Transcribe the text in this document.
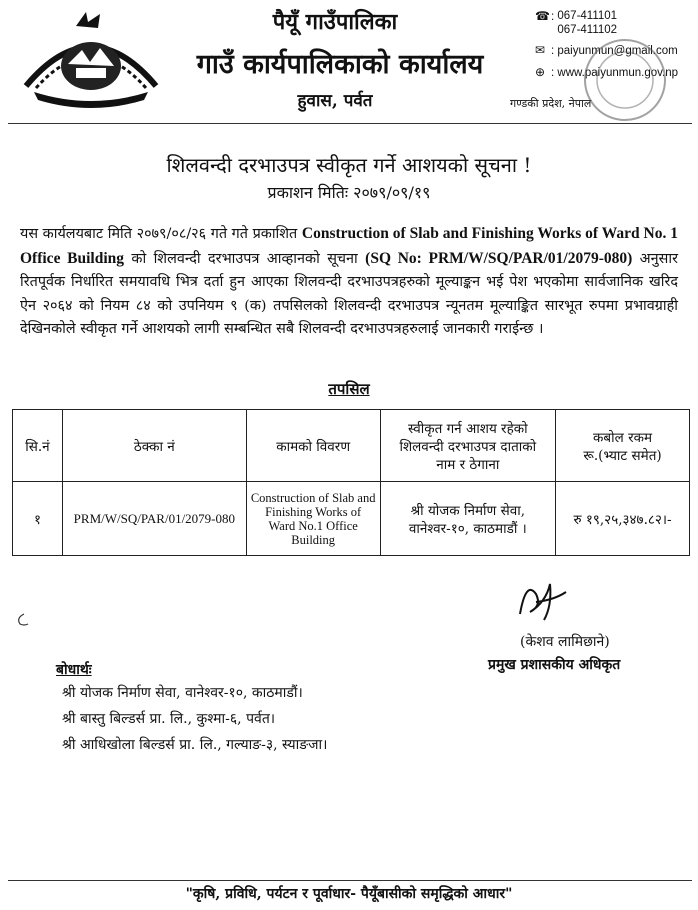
पैयूँ गाउँपालिका
गाउँ कार्यपालिकाको कार्यालय
हुवास, पर्वत
☎: 067-411101
067-411102
✉ : paiyunmun@gmail.com
⊕ : www.paiyunmun.gov.np
गण्डकी प्रदेश, नेपाल
शिलवन्दी दरभाउपत्र स्वीकृत गर्ने आशयको सूचना !
प्रकाशन मितिः २०७९/०९/१९
यस कार्यलयबाट मिति २०७९/०८/२६ गते गते प्रकाशित Construction of Slab and Finishing Works of Ward No. 1 Office Building को शिलवन्दी दरभाउपत्र आव्हानको सूचना (SQ No: PRM/W/SQ/PAR/01/2079-080) अनुसार रितपूर्वक निर्धारित समयावधि भित्र दर्ता हुन आएका शिलवन्दी दरभाउपत्रहरुको मूल्याङ्कन भई पेश भएकोमा सार्वजानिक खरिद ऐन २०६४ को नियम ८४ को उपनियम ९ (क) तपसिलको शिलवन्दी दरभाउपत्र न्यूनतम मूल्याङ्कित सारभूत रुपमा प्रभावग्राही देखिनकोले स्वीकृत गर्ने आशयको लागी सम्बन्धित सबै शिलवन्दी दरभाउपत्रहरुलाई जानकारी गराईन्छ ।
तपसिल
सि.नं	ठेक्का नं	कामको विवरण	स्वीकृत गर्न आशय रहेको
शिलवन्दी दरभाउपत्र दाताको
नाम र ठेगाना	कबोल रकम
रू.(भ्याट समेत)
१	PRM/W/SQ/PAR/01/2079-080	Construction of Slab and Finishing Works of Ward No.1 Office Building	श्री योजक निर्माण सेवा,
वानेश्वर-१०, काठमाडौं ।	रु १९,२५,३४७.८२।-
(केशव लामिछाने)
प्रमुख प्रशासकीय अधिकृत
बोधार्थः
श्री योजक निर्माण सेवा, वानेश्वर-१०, काठमाडौं।
श्री बास्तु बिल्डर्स प्रा. लि., कुश्मा-६, पर्वत।
श्री आधिखोला बिल्डर्स प्रा. लि., गल्याङ-३, स्याङजा।
"कृषि, प्रविधि, पर्यटन र पूर्वाधार- पैयूँबासीको समृद्धिको आधार"
